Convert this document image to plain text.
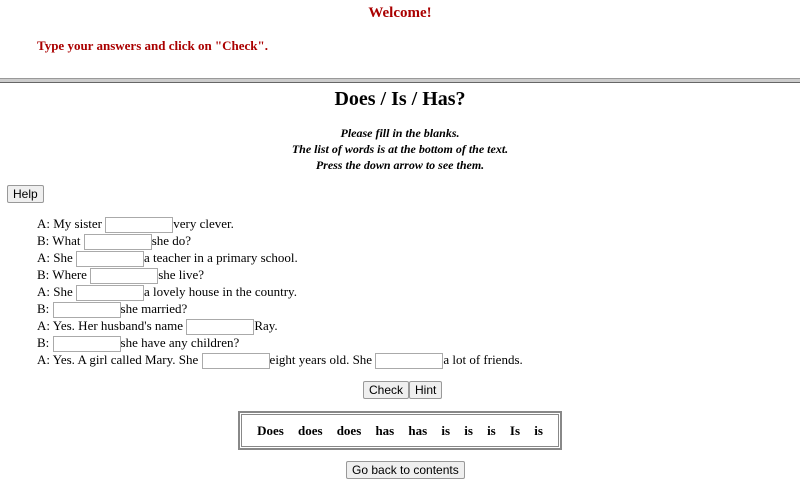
Welcome!
Type your answers and click on "Check".
Does / Is / Has?
Please fill in the blanks.
The list of words is at the bottom of the text.
Press the down arrow to see them.
Help
A: My sister	very clever.
B: What	she do?
A: She	a teacher in a primary school.
B: Where	she live?
A: She	a lovely house in the country.
B:	she married?
A: Yes. Her husband's name	Ray.
B:	she have any children?
A: Yes. A girl called Mary. She	eight years old. She	a lot of friends.
Check	Hint
Does does does has has is is is Is is
Go back to contents
